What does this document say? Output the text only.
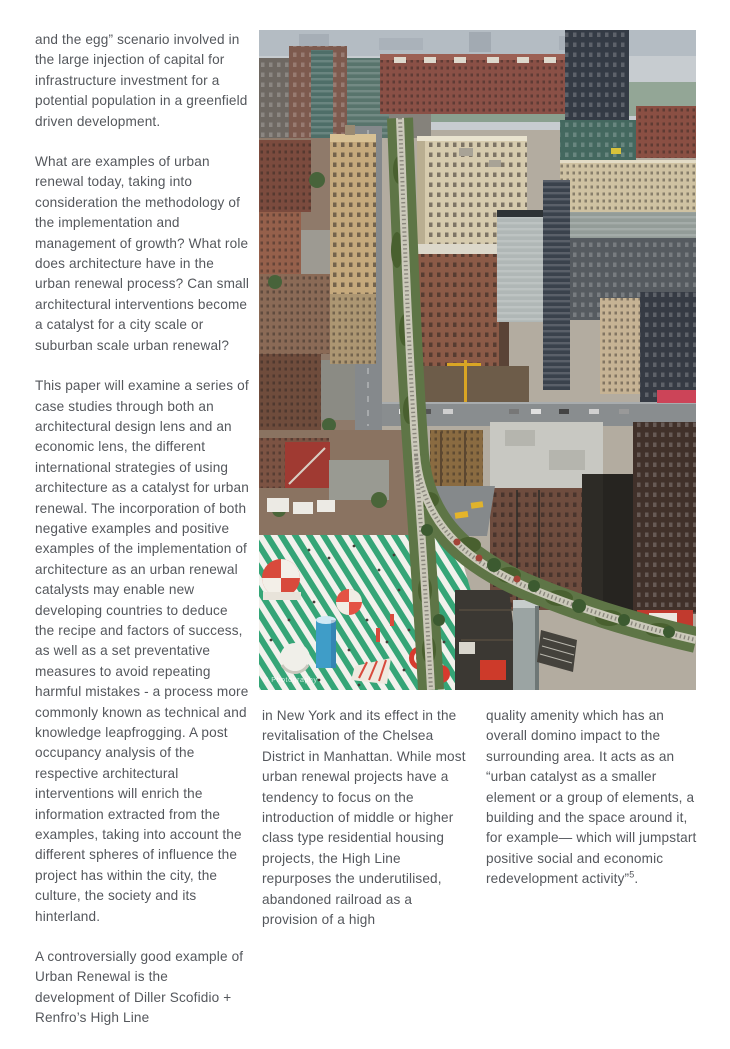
and the egg” scenario involved in the large injection of capital for infrastructure investment for a potential population in a greenfield driven development.

What are examples of urban renewal today, taking into consideration the methodology of the implementation and management of growth? What role does architecture have in the urban renewal process? Can small architectural interventions become a catalyst for a city scale or suburban scale urban renewal?

This paper will examine a series of case studies through both an architectural design lens and an economic lens, the different international strategies of using architecture as a catalyst for urban renewal. The incorporation of both negative examples and positive examples of the implementation of architecture as an urban renewal catalysts may enable new developing countries to deduce the recipe and factors of success, as well as a set preventative measures to avoid repeating harmful mistakes - a process more commonly known as technical and knowledge leapfrogging. A post occupancy analysis of the respective architectural interventions will enrich the information extracted from the examples, taking into account the different spheres of influence the project has within the city, the culture, the society and its hinterland.

A controversially good example of Urban Renewal is the development of Diller Scofidio + Renfro’s High Line

© Photography

in New York and its effect in the revitalisation of the Chelsea District in Manhattan. While most urban renewal projects have a tendency to focus on the introduction of middle or higher class type residential housing projects, the High Line repurposes the underutilised, abandoned railroad as a provision of a high

quality amenity which has an overall domino impact to the surrounding area. It acts as an “urban catalyst as a smaller element or a group of elements, a building and the space around it, for example— which will jumpstart positive social and economic redevelopment activity”$^5$.
